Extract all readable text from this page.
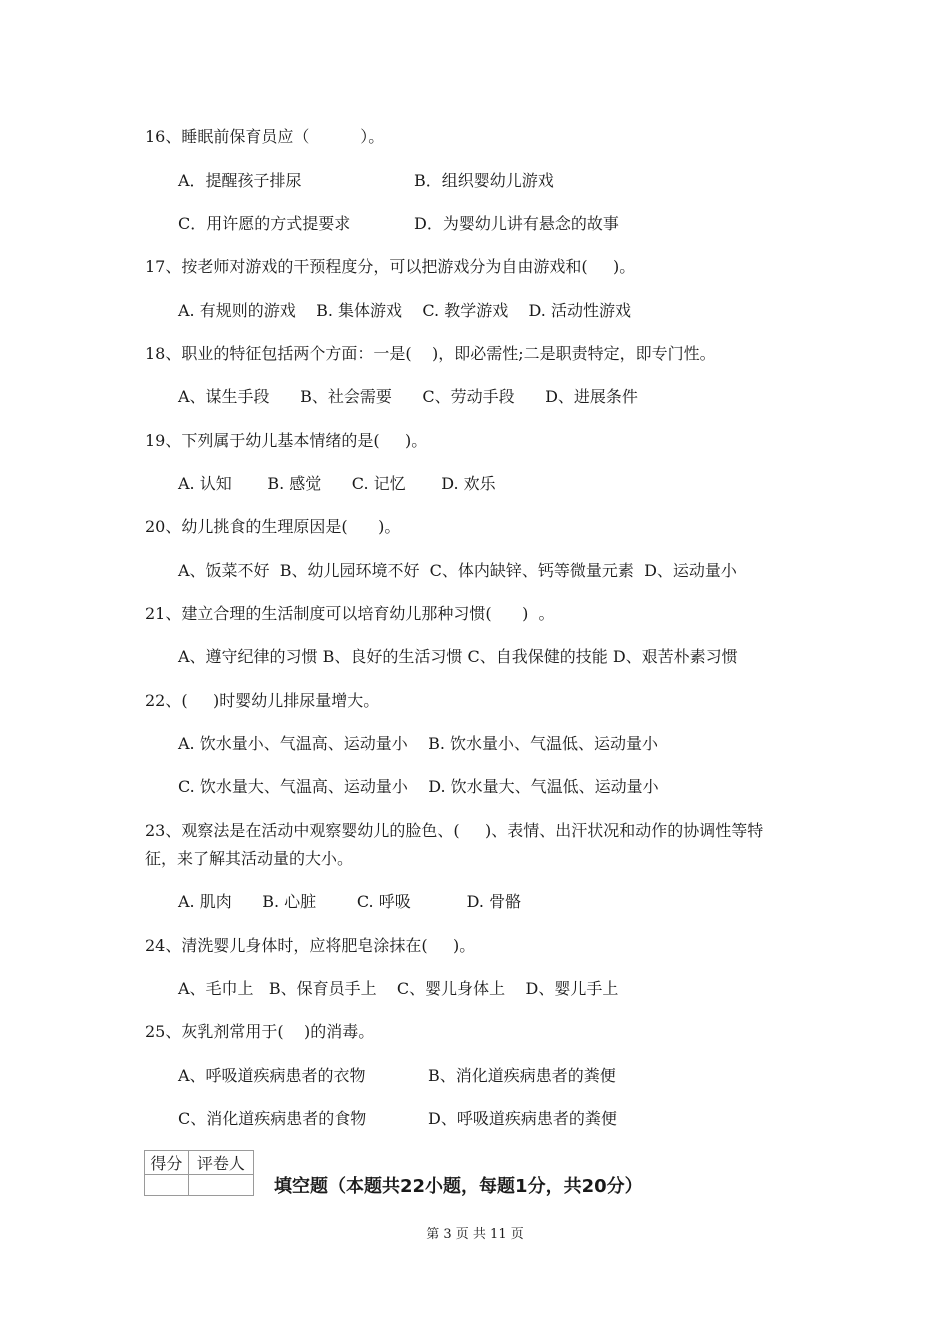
16、睡眠前保育员应（          ）。
A．提醒孩子排尿	B．组织婴幼儿游戏
C．用许愿的方式提要求	D．为婴幼儿讲有悬念的故事
17、按老师对游戏的干预程度分，可以把游戏分为自由游戏和(     )。
A. 有规则的游戏    B. 集体游戏    C. 教学游戏    D. 活动性游戏
18、职业的特征包括两个方面：一是(    )，即必需性;二是职责特定，即专门性。
A、谋生手段      B、社会需要      C、劳动手段      D、进展条件
19、下列属于幼儿基本情绪的是(     )。
A. 认知       B. 感觉      C. 记忆       D. 欢乐
20、幼儿挑食的生理原因是(      )。
A、饭菜不好  B、幼儿园环境不好  C、体内缺锌、钙等微量元素  D、运动量小
21、建立合理的生活制度可以培育幼儿那种习惯(      )  。
A、遵守纪律的习惯 B、良好的生活习惯 C、自我保健的技能 D、艰苦朴素习惯
22、(     )时婴幼儿排尿量增大。
A. 饮水量小、气温高、运动量小    B. 饮水量小、气温低、运动量小
C. 饮水量大、气温高、运动量小    D. 饮水量大、气温低、运动量小
23、观察法是在活动中观察婴幼儿的脸色、(     )、表情、出汗状况和动作的协调性等特
征，来了解其活动量的大小。
A. 肌肉      B. 心脏        C. 呼吸           D. 骨骼
24、清洗婴儿身体时，应将肥皂涂抹在(     )。
A、毛巾上   B、保育员手上    C、婴儿身体上    D、婴儿手上
25、灰乳剂常用于(    )的消毒。
A、呼吸道疾病患者的衣物	B、消化道疾病患者的粪便
C、消化道疾病患者的食物	D、呼吸道疾病患者的粪便
得分	评卷人

填空题（本题共22小题，每题1分，共20分）
第 3 页 共 11 页
